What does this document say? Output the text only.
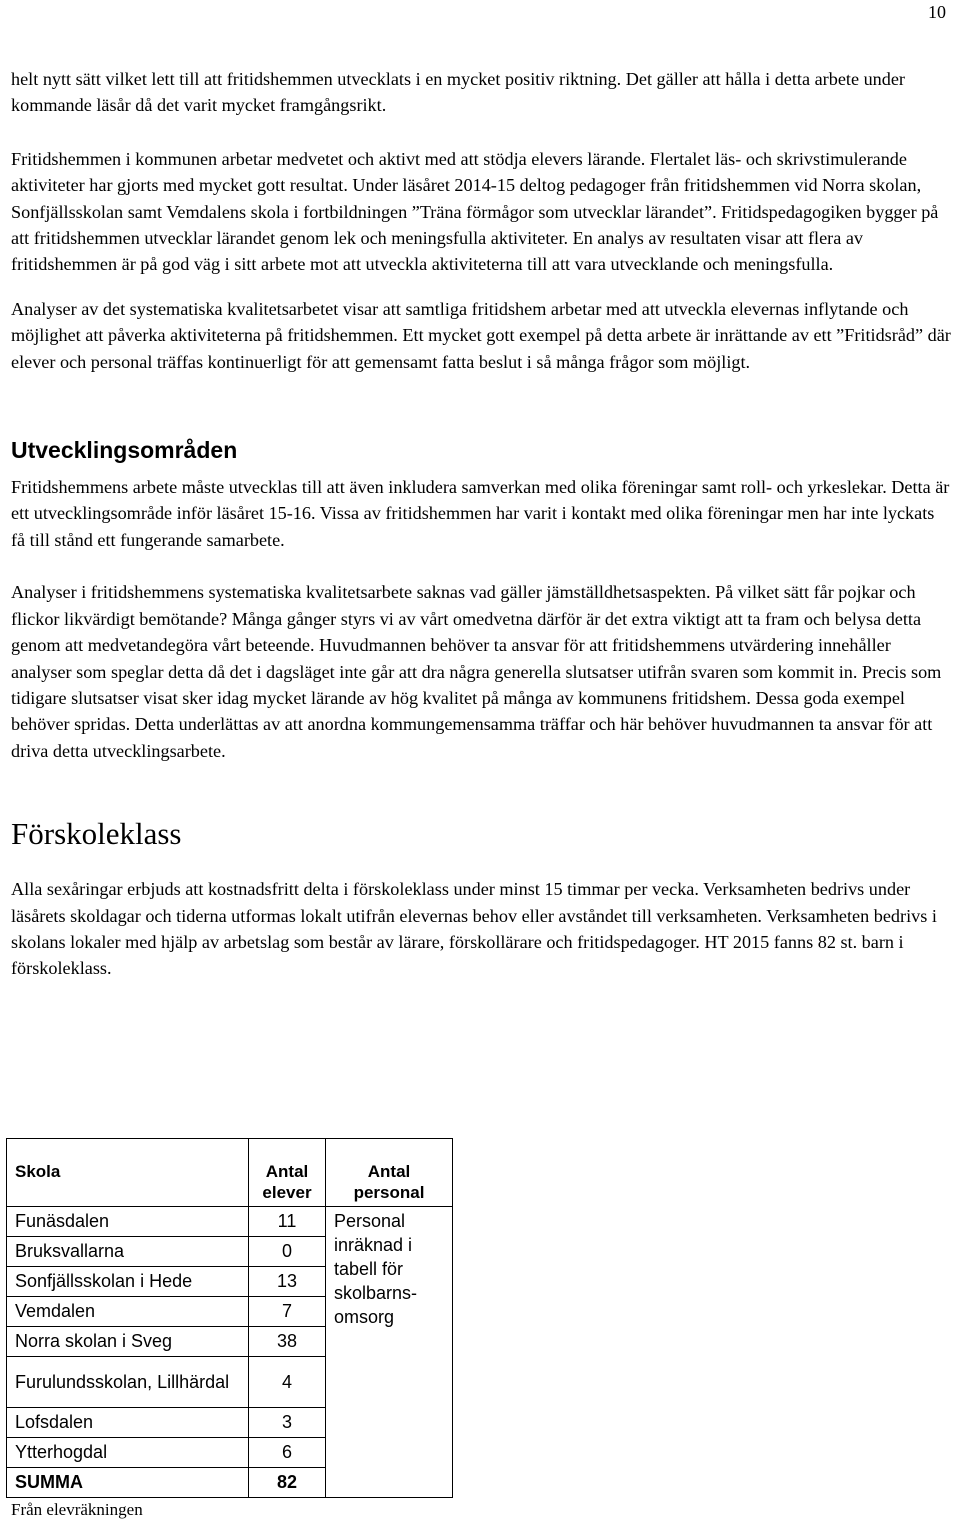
10

helt nytt sätt vilket lett till att fritidshemmen utvecklats i en mycket positiv riktning. Det gäller att hålla i detta arbete under kommande läsår då det varit mycket framgångsrikt.

Fritidshemmen i kommunen arbetar medvetet och aktivt med att stödja elevers lärande. Flertalet läs- och skrivstimulerande aktiviteter har gjorts med mycket gott resultat. Under läsåret 2014-15 deltog pedagoger från fritidshemmen vid Norra skolan, Sonfjällsskolan samt Vemdalens skola i fortbildningen ”Träna förmågor som utvecklar lärandet”. Fritidspedagogiken bygger på att fritidshemmen utvecklar lärandet genom lek och meningsfulla aktiviteter. En analys av resultaten visar att flera av fritidshemmen är på god väg i sitt arbete mot att utveckla aktiviteterna till att vara utvecklande och meningsfulla.

Analyser av det systematiska kvalitetsarbetet visar att samtliga fritidshem arbetar med att utveckla elevernas inflytande och möjlighet att påverka aktiviteterna på fritidshemmen. Ett mycket gott exempel på detta arbete är inrättande av ett ”Fritidsråd” där elever och personal träffas kontinuerligt för att gemensamt fatta beslut i så många frågor som möjligt.

Utvecklingsområden

Fritidshemmens arbete måste utvecklas till att även inkludera samverkan med olika föreningar samt roll- och yrkeslekar. Detta är ett utvecklingsområde inför läsåret 15-16. Vissa av fritidshemmen har varit i kontakt med olika föreningar men har inte lyckats få till stånd ett fungerande samarbete.

Analyser i fritidshemmens systematiska kvalitetsarbete saknas vad gäller jämställdhetsaspekten. På vilket sätt får pojkar och flickor likvärdigt bemötande? Många gånger styrs vi av vårt omedvetna därför är det extra viktigt att ta fram och belysa detta genom att medvetandegöra vårt beteende. Huvudmannen behöver ta ansvar för att fritidshemmens utvärdering innehåller analyser som speglar detta då det i dagsläget inte går att dra några generella slutsatser utifrån svaren som kommit in. Precis som tidigare slutsatser visat sker idag mycket lärande av hög kvalitet på många av kommunens fritidshem. Dessa goda exempel behöver spridas. Detta underlättas av att anordna kommungemensamma träffar och här behöver huvudmannen ta ansvar för att driva detta utvecklingsarbete.

Förskoleklass

Alla sexåringar erbjuds att kostnadsfritt delta i förskoleklass under minst 15 timmar per vecka. Verksamheten bedrivs under läsårets skoldagar och tiderna utformas lokalt utifrån elevernas behov eller avståndet till verksamheten. Verksamheten bedrivs i skolans lokaler med hjälp av arbetslag som består av lärare, förskollärare och fritidspedagoger. HT 2015 fanns 82 st. barn i förskoleklass.

Skola	Antal elever	Antal personal
Funäsdalen	11	Personal inräknad i tabell för skolbarns-omsorg

Bruksvallarna	0	
Sonfjällsskolan i Hede	13	
Vemdalen	7	
Norra skolan i Sveg	38	
Furulundsskolan, Lillhärdal	4	
Lofsdalen	3	
Ytterhogdal	6	
SUMMA	82	
Från elevräkningen
